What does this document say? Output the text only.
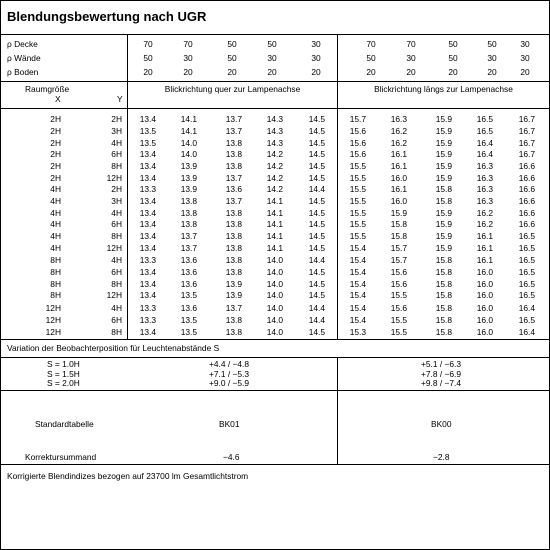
Blendungsbewertung nach UGR
ρ Decke	70	70	50	50	30	70	70	50	50	30
ρ Wände	50	30	50	30	30	50	30	50	30	30
ρ Boden	20	20	20	20	20	20	20	20	20	20
Raumgröße
X	Y
Blickrichtung quer zur Lampenachse	Blickrichtung längs zur Lampenachse
2H	2H	13.4	14.1	13.7	14.3	14.5	15.7	16.3	15.9	16.5	16.7
2H	3H	13.5	14.1	13.7	14.3	14.5	15.6	16.2	15.9	16.5	16.7
2H	4H	13.5	14.0	13.8	14.3	14.5	15.6	16.2	15.9	16.4	16.7
2H	6H	13.4	14.0	13.8	14.2	14.5	15.6	16.1	15.9	16.4	16.7
2H	8H	13.4	13.9	13.8	14.2	14.5	15.5	16.1	15.9	16.3	16.6
2H	12H	13.4	13.9	13.7	14.2	14.5	15.5	16.0	15.9	16.3	16.6
4H	2H	13.3	13.9	13.6	14.2	14.4	15.5	16.1	15.8	16.3	16.6
4H	3H	13.4	13.8	13.7	14.1	14.5	15.5	16.0	15.8	16.3	16.6
4H	4H	13.4	13.8	13.8	14.1	14.5	15.5	15.9	15.9	16.2	16.6
4H	6H	13.4	13.8	13.8	14.1	14.5	15.5	15.8	15.9	16.2	16.6
4H	8H	13.4	13.7	13.8	14.1	14.5	15.5	15.8	15.9	16.1	16.5
4H	12H	13.4	13.7	13.8	14.1	14.5	15.4	15.7	15.9	16.1	16.5
8H	4H	13.3	13.6	13.8	14.0	14.4	15.4	15.7	15.8	16.1	16.5
8H	6H	13.4	13.6	13.8	14.0	14.5	15.4	15.6	15.8	16.0	16.5
8H	8H	13.4	13.6	13.9	14.0	14.5	15.4	15.6	15.8	16.0	16.5
8H	12H	13.4	13.5	13.9	14.0	14.5	15.4	15.5	15.8	16.0	16.5
12H	4H	13.3	13.6	13.7	14.0	14.4	15.4	15.6	15.8	16.0	16.4
12H	6H	13.3	13.5	13.8	14.0	14.4	15.4	15.5	15.8	16.0	16.5
12H	8H	13.4	13.5	13.8	14.0	14.5	15.3	15.5	15.8	16.0	16.4
Variation der Beobachterposition für Leuchtenabstände S
S = 1.0H	+4.4 / −4.8	+5.1 / −6.3
S = 1.5H	+7.1 / −5.3	+7.8 / −6.9
S = 2.0H	+9.0 / −5.9	+9.8 / −7.4
Standardtabelle	BK01	BK00
Korrektursummand	−4.6	−2.8
Korrigierte Blendindizes bezogen auf 23700 lm Gesamtlichtstrom
